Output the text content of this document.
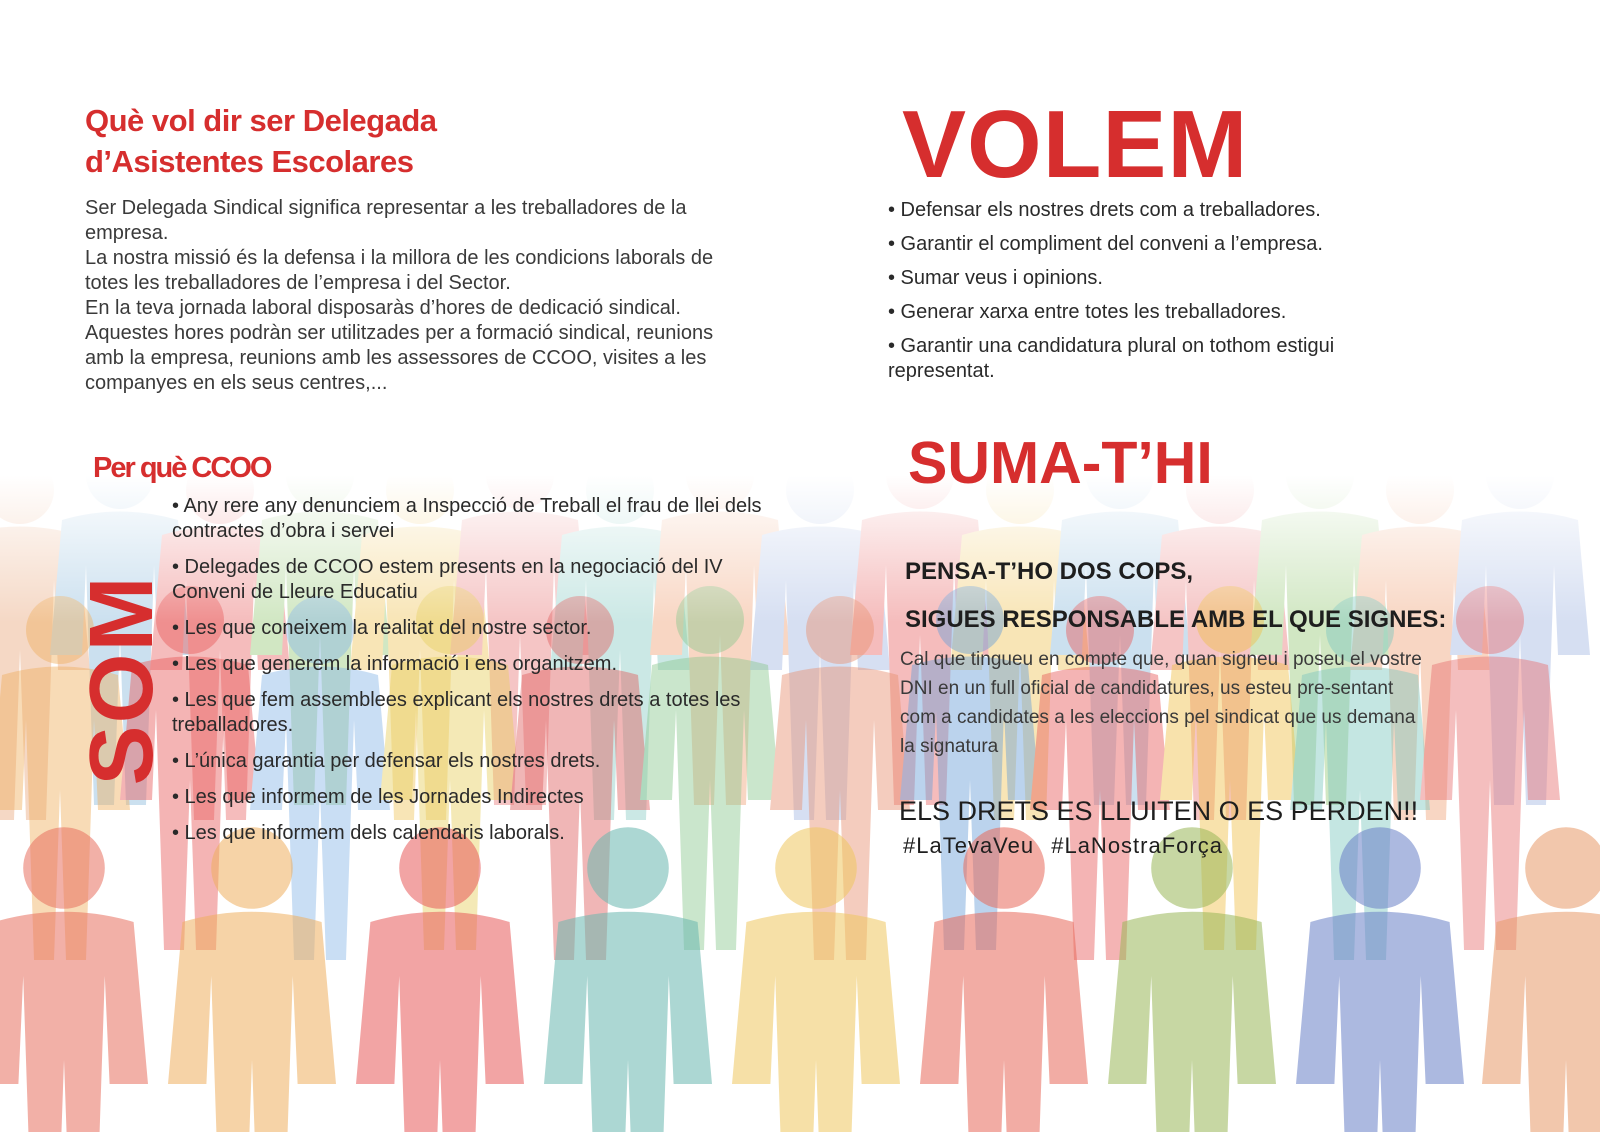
Què vol dir ser Delegada
d’Asistentes Escolares

Ser Delegada Sindical significa representar a les treballadores de la empresa.

La nostra missió és la defensa i la millora de les condicions laborals de totes les treballadores de l’empresa i del Sector.

En la teva jornada laboral disposaràs d’hores de dedicació sindical. Aquestes hores podràn ser utilitzades per a formació sindical, reunions amb la empresa, reunions amb les assessores de CCOO, visites a les companyes en els seus centres,...

Per què CCOO
SOM
• Any rere any denunciem a Inspecció de Treball el frau de llei dels contractes d’obra i servei
• Delegades de CCOO estem presents en la negociació del IV Conveni de Lleure Educatiu
• Les que coneixem la realitat del nostre sector.
• Les que generem la informació i ens organitzem.
• Les que fem assemblees explicant els nostres drets a totes les treballadores.
• L’única garantia per defensar els nostres drets.
• Les que informem de les Jornades Indirectes
• Les que informem dels calendaris laborals.
VOLEM
• Defensar els nostres drets com a treballadores.
• Garantir el compliment del conveni a l’empresa.
• Sumar veus i opinions.
• Generar xarxa entre totes les treballadores.
• Garantir una candidatura plural on tothom estigui representat.
SUMA-T’HI

PENSA-T’HO DOS COPS,

SIGUES RESPONSABLE AMB EL QUE SIGNES:

Cal que tingueu en compte que, quan signeu i poseu el vostre DNI en un full oficial de candidatures, us esteu pre-sentant com a candidates a les eleccions pel sindicat que us demana la signatura

ELS DRETS ES LLUITEN O ES PERDEN!!

#LaTevaVeu #LaNostraForça
